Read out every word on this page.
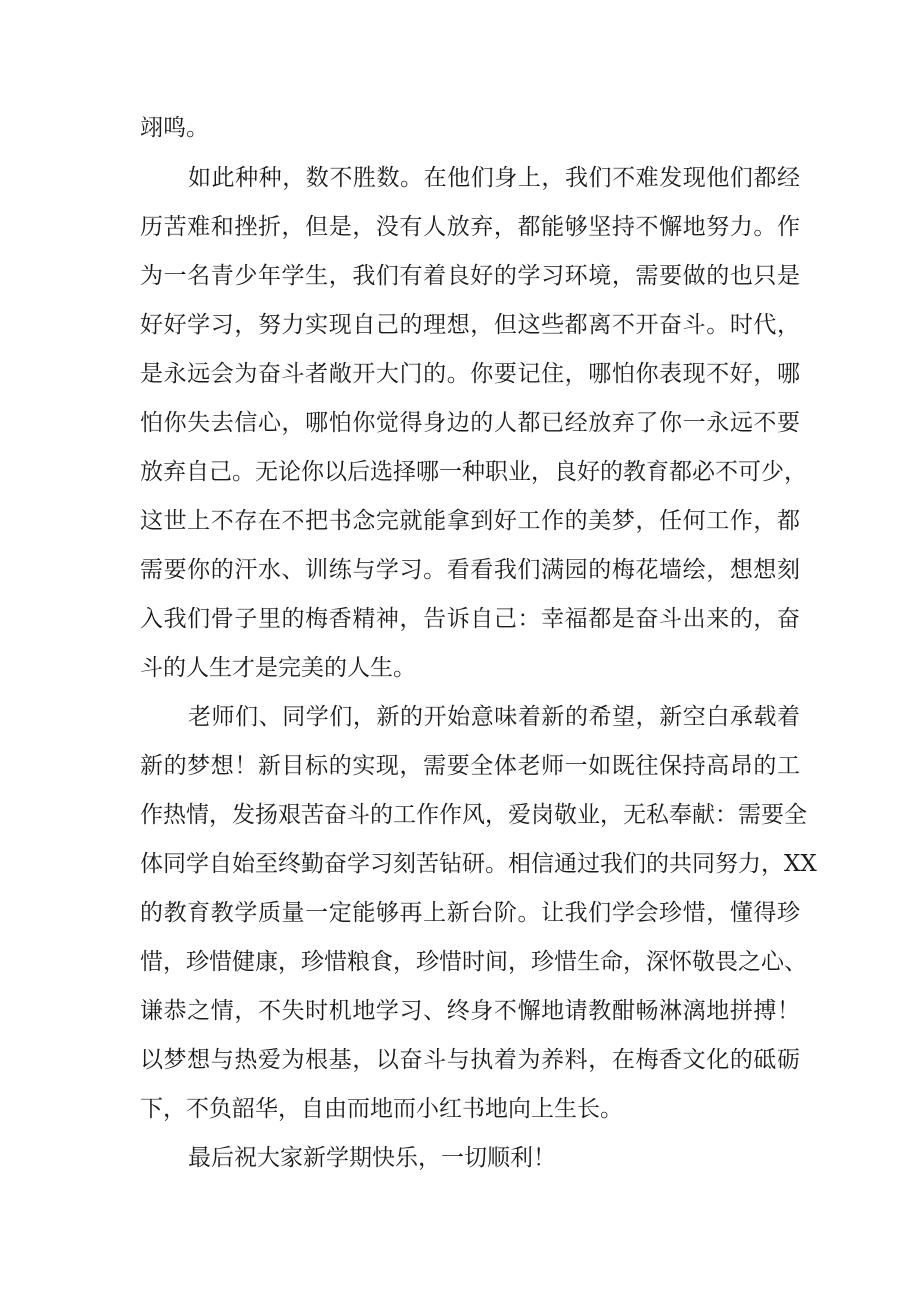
翊鸣。
如此种种，数不胜数。在他们身上，我们不难发现他们都经
历苦难和挫折，但是，没有人放弃，都能够坚持不懈地努力。作
为一名青少年学生，我们有着良好的学习环境，需要做的也只是
好好学习，努力实现自己的理想，但这些都离不开奋斗。时代，
是永远会为奋斗者敞开大门的。你要记住，哪怕你表现不好，哪
怕你失去信心，哪怕你觉得身边的人都已经放弃了你一永远不要
放弃自己。无论你以后选择哪一种职业，良好的教育都必不可少，
这世上不存在不把书念完就能拿到好工作的美梦，任何工作，都
需要你的汗水、训练与学习。看看我们满园的梅花墙绘，想想刻
入我们骨子里的梅香精神，告诉自己：幸福都是奋斗出来的，奋
斗的人生才是完美的人生。
老师们、同学们，新的开始意味着新的希望，新空白承载着
新的梦想！新目标的实现，需要全体老师一如既往保持高昂的工
作热情，发扬艰苦奋斗的工作作风，爱岗敬业，无私奉献：需要全
体同学自始至终勤奋学习刻苦钻研。相信通过我们的共同努力，XX
的教育教学质量一定能够再上新台阶。让我们学会珍惜，懂得珍
惜，珍惜健康，珍惜粮食，珍惜时间，珍惜生命，深怀敬畏之心、
谦恭之情，不失时机地学习、终身不懈地请教酣畅淋漓地拼搏！
以梦想与热爱为根基，以奋斗与执着为养料，在梅香文化的砥砺
下，不负韶华，自由而地而小红书地向上生长。
最后祝大家新学期快乐，一切顺利！
